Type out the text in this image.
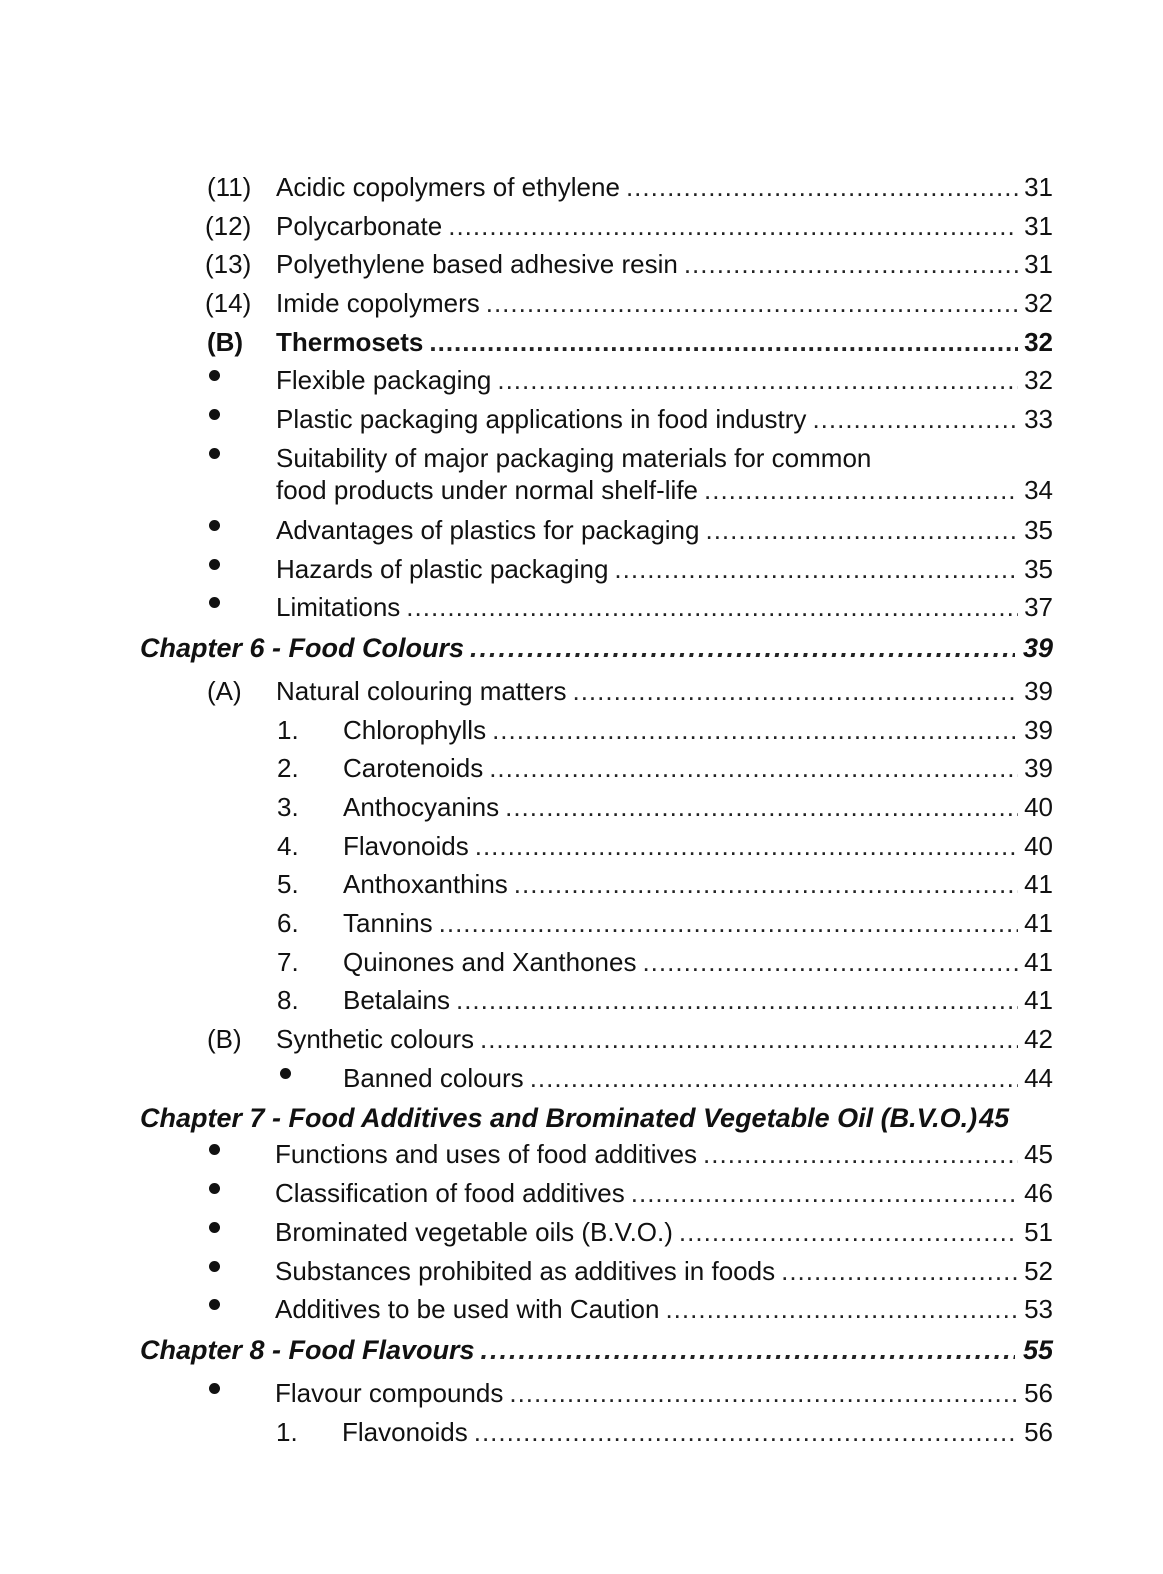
(11) Acidic copolymers of ethylene .....	31
(12) Polycarbonate .....	31
(13) Polyethylene based adhesive resin .....	31
(14) Imide copolymers .....	32
(B) Thermosets .....	32
Flexible packaging .....	32
Plastic packaging applications in food industry .....	33
Suitability of major packaging materials for common
food products under normal shelf-life .....	34
Advantages of plastics for packaging .....	35
Hazards of plastic packaging .....	35
Limitations .....	37
Chapter 6 - Food Colours .....	39
(A) Natural colouring matters .....	39
1. Chlorophylls .....	39
2. Carotenoids .....	39
3. Anthocyanins .....	40
4. Flavonoids .....	40
5. Anthoxanthins .....	41
6. Tannins .....	41
7. Quinones and Xanthones .....	41
8. Betalains .....	41
(B) Synthetic colours .....	42
Banned colours .....	44
Chapter 7 - Food Additives and Brominated Vegetable Oil (B.V.O.) 45
Functions and uses of food additives .....	45
Classification of food additives .....	46
Brominated vegetable oils (B.V.O.) .....	51
Substances prohibited as additives in foods .....	52
Additives to be used with Caution .....	53
Chapter 8 - Food Flavours .....	55
Flavour compounds .....	56
1. Flavonoids .....	56
